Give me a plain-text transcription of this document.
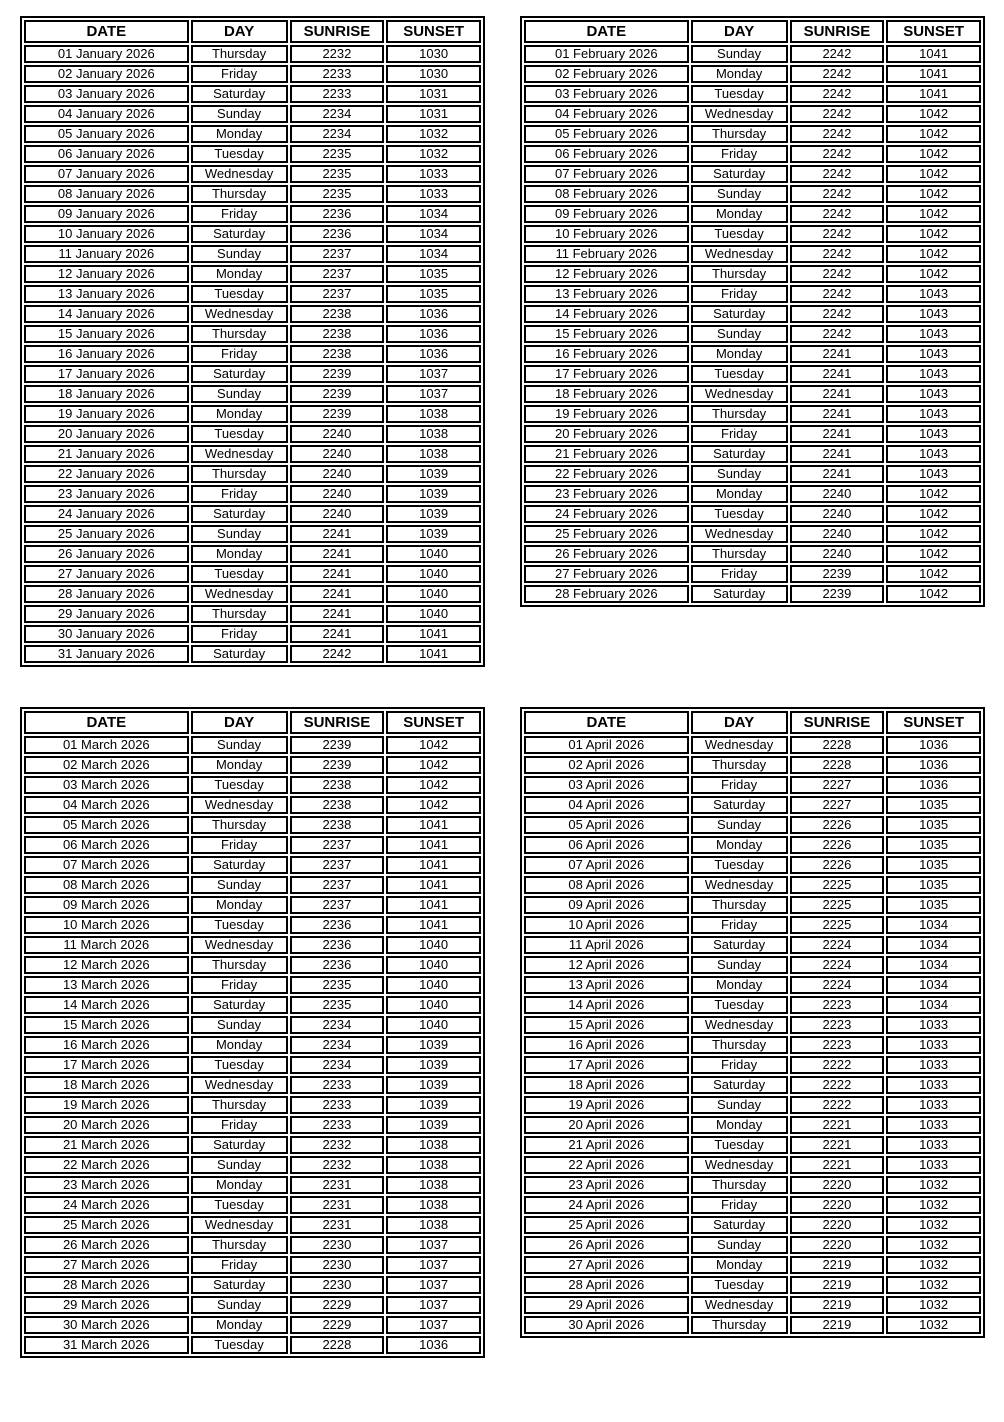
DATE	DAY	SUNRISE	SUNSET
01 January 2026	Thursday	2232	1030
02 January 2026	Friday	2233	1030
03 January 2026	Saturday	2233	1031
04 January 2026	Sunday	2234	1031
05 January 2026	Monday	2234	1032
06 January 2026	Tuesday	2235	1032
07 January 2026	Wednesday	2235	1033
08 January 2026	Thursday	2235	1033
09 January 2026	Friday	2236	1034
10 January 2026	Saturday	2236	1034
11 January 2026	Sunday	2237	1034
12 January 2026	Monday	2237	1035
13 January 2026	Tuesday	2237	1035
14 January 2026	Wednesday	2238	1036
15 January 2026	Thursday	2238	1036
16 January 2026	Friday	2238	1036
17 January 2026	Saturday	2239	1037
18 January 2026	Sunday	2239	1037
19 January 2026	Monday	2239	1038
20 January 2026	Tuesday	2240	1038
21 January 2026	Wednesday	2240	1038
22 January 2026	Thursday	2240	1039
23 January 2026	Friday	2240	1039
24 January 2026	Saturday	2240	1039
25 January 2026	Sunday	2241	1039
26 January 2026	Monday	2241	1040
27 January 2026	Tuesday	2241	1040
28 January 2026	Wednesday	2241	1040
29 January 2026	Thursday	2241	1040
30 January 2026	Friday	2241	1041
31 January 2026	Saturday	2242	1041
DATE	DAY	SUNRISE	SUNSET
01 February 2026	Sunday	2242	1041
02 February 2026	Monday	2242	1041
03 February 2026	Tuesday	2242	1041
04 February 2026	Wednesday	2242	1042
05 February 2026	Thursday	2242	1042
06 February 2026	Friday	2242	1042
07 February 2026	Saturday	2242	1042
08 February 2026	Sunday	2242	1042
09 February 2026	Monday	2242	1042
10 February 2026	Tuesday	2242	1042
11 February 2026	Wednesday	2242	1042
12 February 2026	Thursday	2242	1042
13 February 2026	Friday	2242	1043
14 February 2026	Saturday	2242	1043
15 February 2026	Sunday	2242	1043
16 February 2026	Monday	2241	1043
17 February 2026	Tuesday	2241	1043
18 February 2026	Wednesday	2241	1043
19 February 2026	Thursday	2241	1043
20 February 2026	Friday	2241	1043
21 February 2026	Saturday	2241	1043
22 February 2026	Sunday	2241	1043
23 February 2026	Monday	2240	1042
24 February 2026	Tuesday	2240	1042
25 February 2026	Wednesday	2240	1042
26 February 2026	Thursday	2240	1042
27 February 2026	Friday	2239	1042
28 February 2026	Saturday	2239	1042
DATE	DAY	SUNRISE	SUNSET
01 March 2026	Sunday	2239	1042
02 March 2026	Monday	2239	1042
03 March 2026	Tuesday	2238	1042
04 March 2026	Wednesday	2238	1042
05 March 2026	Thursday	2238	1041
06 March 2026	Friday	2237	1041
07 March 2026	Saturday	2237	1041
08 March 2026	Sunday	2237	1041
09 March 2026	Monday	2237	1041
10 March 2026	Tuesday	2236	1041
11 March 2026	Wednesday	2236	1040
12 March 2026	Thursday	2236	1040
13 March 2026	Friday	2235	1040
14 March 2026	Saturday	2235	1040
15 March 2026	Sunday	2234	1040
16 March 2026	Monday	2234	1039
17 March 2026	Tuesday	2234	1039
18 March 2026	Wednesday	2233	1039
19 March 2026	Thursday	2233	1039
20 March 2026	Friday	2233	1039
21 March 2026	Saturday	2232	1038
22 March 2026	Sunday	2232	1038
23 March 2026	Monday	2231	1038
24 March 2026	Tuesday	2231	1038
25 March 2026	Wednesday	2231	1038
26 March 2026	Thursday	2230	1037
27 March 2026	Friday	2230	1037
28 March 2026	Saturday	2230	1037
29 March 2026	Sunday	2229	1037
30 March 2026	Monday	2229	1037
31 March 2026	Tuesday	2228	1036
DATE	DAY	SUNRISE	SUNSET
01 April 2026	Wednesday	2228	1036
02 April 2026	Thursday	2228	1036
03 April 2026	Friday	2227	1036
04 April 2026	Saturday	2227	1035
05 April 2026	Sunday	2226	1035
06 April 2026	Monday	2226	1035
07 April 2026	Tuesday	2226	1035
08 April 2026	Wednesday	2225	1035
09 April 2026	Thursday	2225	1035
10 April 2026	Friday	2225	1034
11 April 2026	Saturday	2224	1034
12 April 2026	Sunday	2224	1034
13 April 2026	Monday	2224	1034
14 April 2026	Tuesday	2223	1034
15 April 2026	Wednesday	2223	1033
16 April 2026	Thursday	2223	1033
17 April 2026	Friday	2222	1033
18 April 2026	Saturday	2222	1033
19 April 2026	Sunday	2222	1033
20 April 2026	Monday	2221	1033
21 April 2026	Tuesday	2221	1033
22 April 2026	Wednesday	2221	1033
23 April 2026	Thursday	2220	1032
24 April 2026	Friday	2220	1032
25 April 2026	Saturday	2220	1032
26 April 2026	Sunday	2220	1032
27 April 2026	Monday	2219	1032
28 April 2026	Tuesday	2219	1032
29 April 2026	Wednesday	2219	1032
30 April 2026	Thursday	2219	1032
